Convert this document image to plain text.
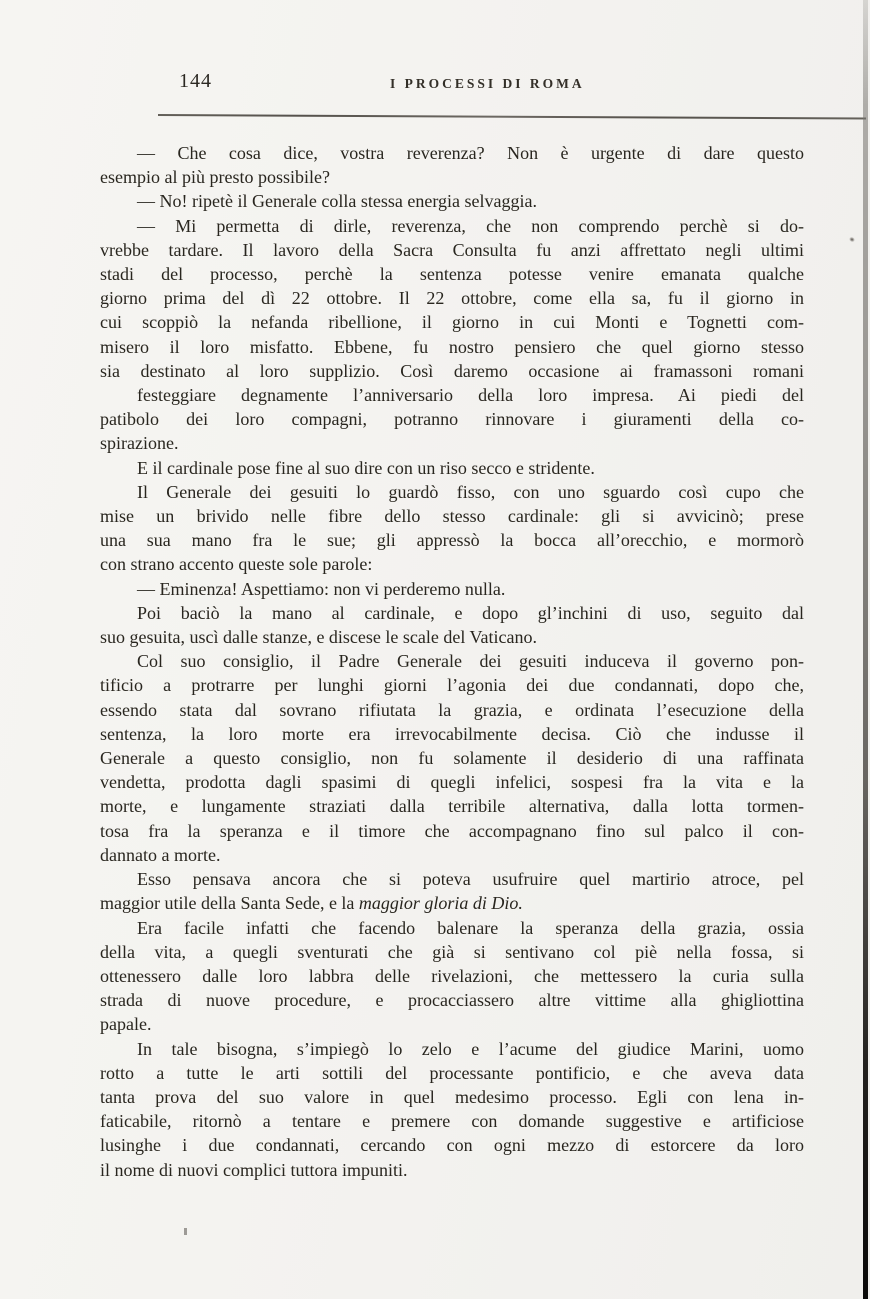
144	I PROCESSI DI ROMA
— Che cosa dice, vostra reverenza? Non è urgente di dare questo
esempio al più presto possibile?
— No! ripetè il Generale colla stessa energia selvaggia.
— Mi permetta di dirle, reverenza, che non comprendo perchè si do-
vrebbe tardare. Il lavoro della Sacra Consulta fu anzi affrettato negli ultimi
stadi del processo, perchè la sentenza potesse venire emanata qualche
giorno prima del dì 22 ottobre. Il 22 ottobre, come ella sa, fu il giorno in
cui scoppiò la nefanda ribellione, il giorno in cui Monti e Tognetti com-
misero il loro misfatto. Ebbene, fu nostro pensiero che quel giorno stesso
sia destinato al loro supplizio. Così daremo occasione ai framassoni romani
festeggiare degnamente l’anniversario della loro impresa. Ai piedi del
patibolo dei loro compagni, potranno rinnovare i giuramenti della co-
spirazione.
E il cardinale pose fine al suo dire con un riso secco e stridente.
Il Generale dei gesuiti lo guardò fisso, con uno sguardo così cupo che
mise un brivido nelle fibre dello stesso cardinale: gli si avvicinò; prese
una sua mano fra le sue; gli appressò la bocca all’orecchio, e mormorò
con strano accento queste sole parole:
— Eminenza! Aspettiamo: non vi perderemo nulla.
Poi baciò la mano al cardinale, e dopo gl’inchini di uso, seguito dal
suo gesuita, uscì dalle stanze, e discese le scale del Vaticano.
Col suo consiglio, il Padre Generale dei gesuiti induceva il governo pon-
tificio a protrarre per lunghi giorni l’agonia dei due condannati, dopo che,
essendo stata dal sovrano rifiutata la grazia, e ordinata l’esecuzione della
sentenza, la loro morte era irrevocabilmente decisa. Ciò che indusse il
Generale a questo consiglio, non fu solamente il desiderio di una raffinata
vendetta, prodotta dagli spasimi di quegli infelici, sospesi fra la vita e la
morte, e lungamente straziati dalla terribile alternativa, dalla lotta tormen-
tosa fra la speranza e il timore che accompagnano fino sul palco il con-
dannato a morte.
Esso pensava ancora che si poteva usufruire quel martirio atroce, pel
maggior utile della Santa Sede, e la maggior gloria di Dio.
Era facile infatti che facendo balenare la speranza della grazia, ossia
della vita, a quegli sventurati che già si sentivano col piè nella fossa, si
ottenessero dalle loro labbra delle rivelazioni, che mettessero la curia sulla
strada di nuove procedure, e procacciassero altre vittime alla ghigliottina
papale.
In tale bisogna, s’impiegò lo zelo e l’acume del giudice Marini, uomo
rotto a tutte le arti sottili del processante pontificio, e che aveva data
tanta prova del suo valore in quel medesimo processo. Egli con lena in-
faticabile, ritornò a tentare e premere con domande suggestive e artificiose
lusinghe i due condannati, cercando con ogni mezzo di estorcere da loro
il nome di nuovi complici tuttora impuniti.
